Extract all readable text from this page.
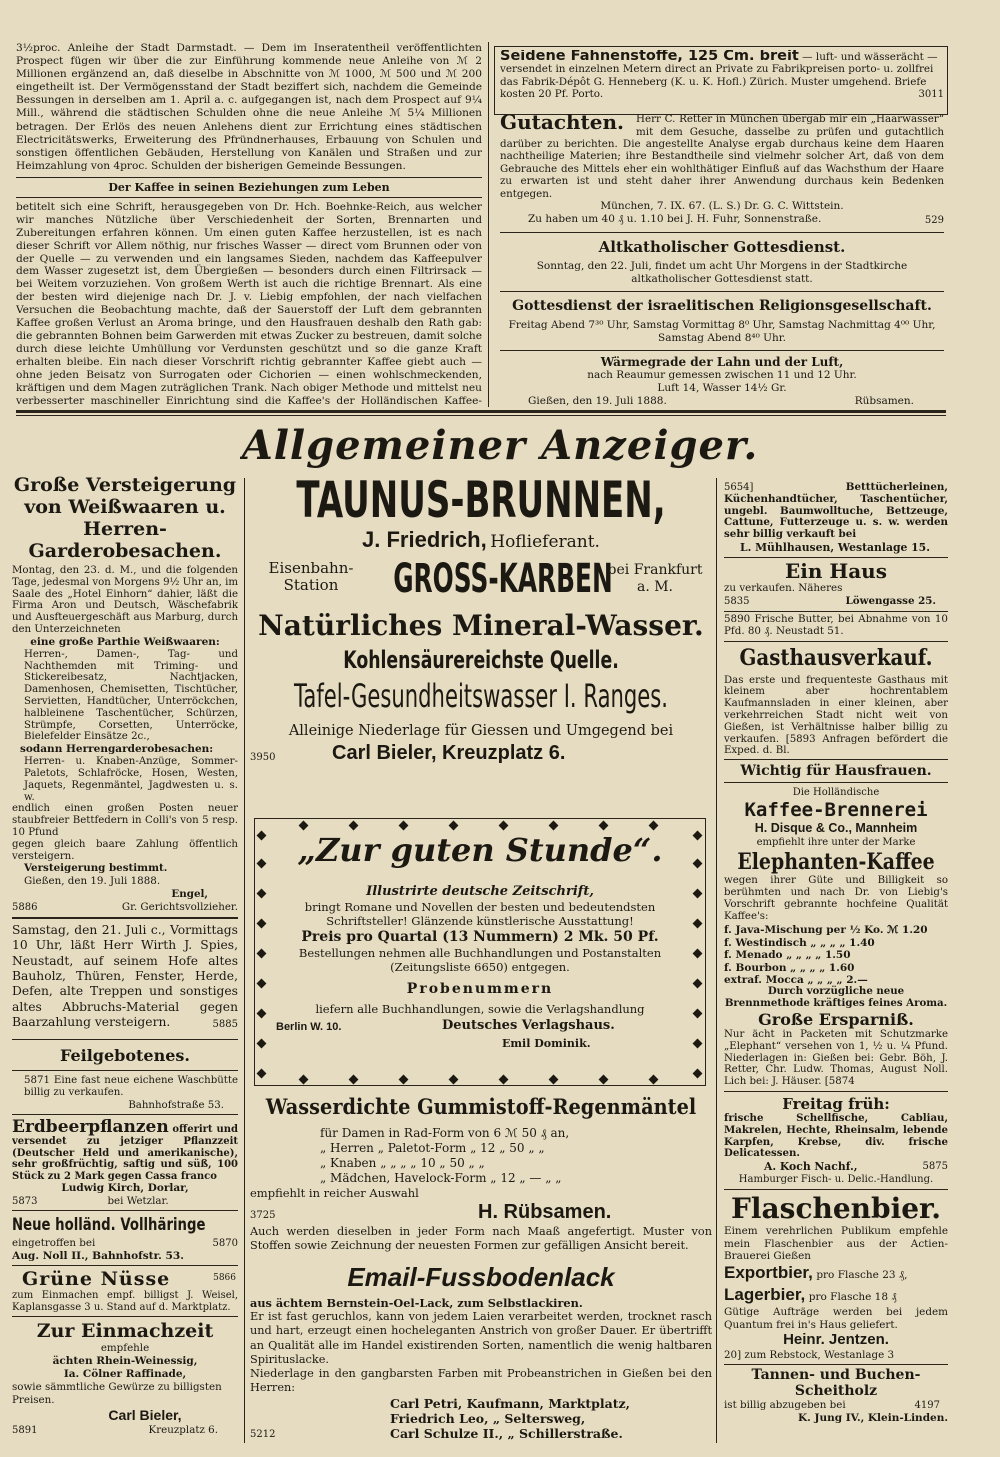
3½proc. Anleihe der Stadt Darmstadt. — Dem im Inseratentheil veröffentlichten Prospect fügen wir über die zur Einführung kommende neue Anleihe von ℳ 2 Millionen ergänzend an, daß dieselbe in Abschnitte von ℳ 1000, ℳ 500 und ℳ 200 eingetheilt ist. Der Vermögensstand der Stadt beziffert sich, nachdem die Gemeinde Bessungen in derselben am 1. April a. c. aufgegangen ist, nach dem Prospect auf 9¼ Mill., während die städtischen Schulden ohne die neue Anleihe ℳ 5¼ Millionen betragen. Der Erlös des neuen Anlehens dient zur Errichtung eines städtischen Electricitätswerks, Erweiterung des Pfründnerhauses, Erbauung von Schulen und sonstigen öffentlichen Gebäuden, Herstellung von Kanälen und Straßen und zur Heimzahlung von 4proc. Schulden der bisherigen Gemeinde Bessungen.

Der Kaffee in seinen Beziehungen zum Leben

betitelt sich eine Schrift, herausgegeben von Dr. Hch. Boehnke-Reich, aus welcher wir manches Nützliche über Verschiedenheit der Sorten, Brennarten und Zubereitungen erfahren können. Um einen guten Kaffee herzustellen, ist es nach dieser Schrift vor Allem nöthig, nur frisches Wasser — direct vom Brunnen oder von der Quelle — zu verwenden und ein langsames Sieden, nachdem das Kaffeepulver dem Wasser zugesetzt ist, dem Übergießen — besonders durch einen Filtrirsack — bei Weitem vorzuziehen. Von großem Werth ist auch die richtige Brennart. Als eine der besten wird diejenige nach Dr. J. v. Liebig empfohlen, der nach vielfachen Versuchen die Beobachtung machte, daß der Sauerstoff der Luft dem gebrannten Kaffee großen Verlust an Aroma bringe, und den Hausfrauen deshalb den Rath gab: die gebrannten Bohnen beim Garwerden mit etwas Zucker zu bestreuen, damit solche durch diese leichte Umhüllung vor Verdunsten geschützt und so die ganze Kraft erhalten bleibe. Ein nach dieser Vorschrift richtig gebrannter Kaffee giebt auch — ohne jeden Beisatz von Surrogaten oder Cichorien — einen wohlschmeckenden, kräftigen und dem Magen zuträglichen Trank. Nach obiger Methode und mittelst neu verbesserter maschineller Einrichtung sind die Kaffee's der Holländischen Kaffee-

Seidene Fahnenstoffe, 125 Cm. breit — luft- und wässerächt — versendet in einzelnen Metern direct an Private zu Fabrikpreisen porto- u. zollfrei das Fabrik-Dépôt G. Henneberg (K. u. K. Hofl.) Zürich. Muster umgehend. Briefe kosten 20 Pf. Porto.	3011

Gutachten. Herr C. Retter in München übergab mir ein „Haarwasser“ mit dem Gesuche, dasselbe zu prüfen und gutachtlich darüber zu berichten. Die angestellte Analyse ergab durchaus keine dem Haaren nachtheilige Materien; ihre Bestandtheile sind vielmehr solcher Art, daß von dem Gebrauche des Mittels eher ein wohlthätiger Einfluß auf das Wachsthum der Haare zu erwarten ist und steht daher ihrer Anwendung durchaus kein Bedenken entgegen.

München, 7. IX. 67. (L. S.) Dr. G. C. Wittstein.

Zu haben um 40 ₰ u. 1.10 bei J. H. Fuhr, Sonnenstraße.	529

Altkatholischer Gottesdienst.

Sonntag, den 22. Juli, findet um acht Uhr Morgens in der Stadtkirche altkatholischer Gottesdienst statt.

Gottesdienst der israelitischen Religionsgesellschaft.

Freitag Abend 7³⁰ Uhr, Samstag Vormittag 8⁰ Uhr, Samstag Nachmittag 4⁰⁰ Uhr, Samstag Abend 8⁴⁰ Uhr.

Wärmegrade der Lahn und der Luft,

nach Reaumur gemessen zwischen 11 und 12 Uhr.

Luft 14, Wasser 14½ Gr.

Gießen, den 19. Juli 1888.	Rübsamen.

Allgemeiner Anzeiger.

Große Versteigerung von Weißwaaren u. Herren-Garderobesachen.

Montag, den 23. d. M., und die folgenden Tage, jedesmal von Morgens 9½ Uhr an, im Saale des „Hotel Einhorn“ dahier, läßt die Firma Aron und Deutsch, Wäschefabrik und Ausfteuergeschäft aus Marburg, durch den Unterzeichneten

eine große Parthie Weißwaaren:

Herren-, Damen-, Tag- und Nachthemden mit Triming- und Stickereibesatz, Nachtjacken, Damenhosen, Chemisetten, Tischtücher, Servietten, Handtücher, Unterröckchen, halbleinene Taschentücher, Schürzen, Strümpfe, Corsetten, Unterröcke, Bielefelder Einsätze 2c.,

sodann Herrengarderobesachen:

Herren- u. Knaben-Anzüge, Sommer-Paletots, Schlafröcke, Hosen, Westen, Jaquets, Regenmäntel, Jagdwesten u. s. w.

endlich einen großen Posten neuer staubfreier Bettfedern in Colli's von 5 resp. 10 Pfund

gegen gleich baare Zahlung öffentlich versteigern.

Versteigerung bestimmt.

Gießen, den 19. Juli 1888.

Engel,

5886	Gr. Gerichtsvollzieher.

Samstag, den 21. Juli c., Vormittags 10 Uhr, läßt Herr Wirth J. Spies, Neustadt, auf seinem Hofe altes Bauholz, Thüren, Fenster, Herde, Defen, alte Treppen und sonstiges altes Abbruchs-Material gegen Baarzahlung versteigern.	5885

Feilgebotenes.

5871 Eine fast neue eichene Waschbütte billig zu verkaufen.

Bahnhofstraße 53.

Erdbeerpflanzen offerirt und versendet zu jetziger Pflanzzeit (Deutscher Held und amerikanische), sehr großfrüchtig, saftig und süß, 100 Stück zu 2 Mark gegen Cassa franco

Ludwig Kirch, Dorlar,

5873	bei Wetzlar.

Neue holländ. Vollhäringe

eingetroffen bei	5870

Aug. Noll II., Bahnhofstr. 53.

Grüne Nüsse	5866

zum Einmachen empf. billigst J. Weisel, Kaplansgasse 3 u. Stand auf d. Marktplatz.

Zur Einmachzeit

empfehle

ächten Rhein-Weinessig,

Ia. Cölner Raffinade,

sowie sämmtliche Gewürze zu billigsten Preisen.

Carl Bieler,

5891	Kreuzplatz 6.

TAUNUS-BRUNNEN,

J. Friedrich, Hoflieferant.

Eisenbahn-Station	GROSS-KARBEN

bei Frankfurt a. M.

Natürliches Mineral-Wasser.

Kohlensäurereichste Quelle.

Tafel-Gesundheitswasser I. Ranges.

Alleinige Niederlage für Giessen und Umgegend bei

3950	Carl Bieler, Kreuzplatz 6.

„Zur guten Stunde“.

Illustrirte deutsche Zeitschrift,

bringt Romane und Novellen der besten und bedeutendsten Schriftsteller! Glänzende künstlerische Ausstattung!

Preis pro Quartal (13 Nummern) 2 Mk. 50 Pf.

Bestellungen nehmen alle Buchhandlungen und Postanstalten (Zeitungsliste 6650) entgegen.

Probenummern

liefern alle Buchhandlungen, sowie die Verlagshandlung

Berlin W. 10.	Deutsches Verlagshaus.

Emil Dominik.

Wasserdichte Gummistoff-Regenmäntel

für Damen in Rad-Form von 6 ℳ 50 ₰ an,

„ Herren „ Paletot-Form „ 12 „ 50 „ „

„ Knaben „ „ „ „ 10 „ 50 „ „

„ Mädchen, Havelock-Form „ 12 „ — „ „

empfiehlt in reicher Auswahl

3725	H. Rübsamen.

Auch werden dieselben in jeder Form nach Maaß angefertigt. Muster von Stoffen sowie Zeichnung der neuesten Formen zur gefälligen Ansicht bereit.

Email-Fussbodenlack

aus ächtem Bernstein-Oel-Lack, zum Selbstlackiren.

Er ist fast geruchlos, kann von jedem Laien verarbeitet werden, trocknet rasch und hart, erzeugt einen hocheleganten Anstrich von großer Dauer. Er übertrifft an Qualität alle im Handel existirenden Sorten, namentlich die wenig haltbaren Spirituslacke.

Niederlage in den gangbarsten Farben mit Probeanstrichen in Gießen bei den Herren:

Carl Petri, Kaufmann, Marktplatz,

Friedrich Leo, „ Seltersweg,

5212	Carl Schulze II., „ Schillerstraße.

5654]	Betttücherleinen, Küchenhandtücher, Taschentücher, ungebl. Baumwolltuche, Bettzeuge, Cattune, Futterzeuge u. s. w. werden sehr billig verkauft bei

L. Mühlhausen, Westanlage 15.

Ein Haus

zu verkaufen. Näheres

5835	Löwengasse 25.

5890 Frische Butter, bei Abnahme von 10 Pfd. 80 ₰. Neustadt 51.

Gasthausverkauf.

Das erste und frequenteste Gasthaus mit kleinem aber hochrentablem Kaufmannsladen in einer kleinen, aber verkehrreichen Stadt nicht weit von Gießen, ist Verhältnisse halber billig zu verkaufen. [5893 Anfragen befördert die Exped. d. Bl.

Wichtig für Hausfrauen.

Die Holländische

Kaffee-Brennerei

H. Disque & Co., Mannheim

empfiehlt ihre unter der Marke

Elephanten-Kaffee

wegen ihrer Güte und Billigkeit so berühmten und nach Dr. von Liebig's Vorschrift gebrannte hochfeine Qualität Kaffee's:

f. Java-Mischung per ½ Ko. ℳ 1.20

f. Westindisch „ „ „ „ 1.40

f. Menado „ „ „ „ 1.50

f. Bourbon „ „ „ „ 1.60

extraf. Mocca „ „ „ „ 2.—

Durch vorzügliche neue Brennmethode kräftiges feines Aroma.

Große Ersparniß.

Nur ächt in Packeten mit Schutzmarke „Elephant“ versehen von 1, ½ u. ¼ Pfund. Niederlagen in: Gießen bei: Gebr. Böh, J. Retter, Chr. Ludw. Thomas, August Noll. Lich bei: J. Häuser. [5874

Freitag früh:

frische Schellfische, Cabliau, Makrelen, Hechte, Rheinsalm, lebende Karpfen, Krebse, div. frische Delicatessen.

A. Koch Nachf.,	5875

Hamburger Fisch- u. Delic.-Handlung.

Flaschenbier.

Einem verehrlichen Publikum empfehle mein Flaschenbier aus der Actien-Brauerei Gießen

Exportbier, pro Flasche 23 ₰,

Lagerbier, pro Flasche 18 ₰

Gütige Aufträge werden bei jedem Quantum frei in's Haus geliefert.

Heinr. Jentzen.

20] zum Rebstock, Westanlage 3

Tannen- und Buchen-Scheitholz

ist billig abzugeben bei	4197

K. Jung IV., Klein-Linden.
